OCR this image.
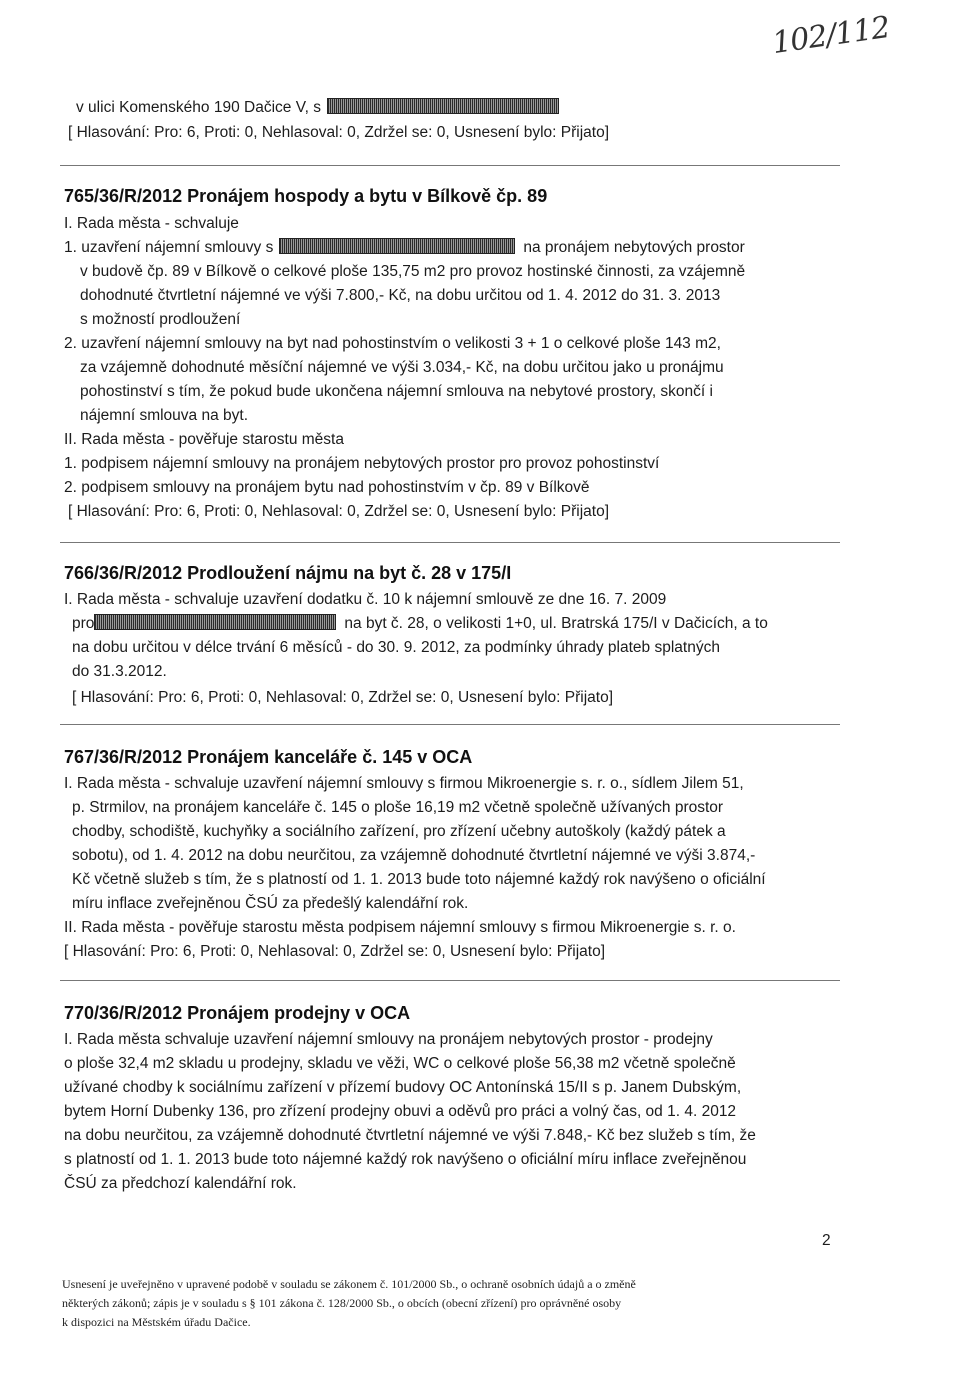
102/112
v ulici Komenského 190 Dačice V, s
[ Hlasování: Pro: 6, Proti: 0, Nehlasoval: 0, Zdržel se: 0, Usnesení bylo: Přijato]
765/36/R/2012 Pronájem hospody a bytu v Bílkově čp. 89
I. Rada města - schvaluje
1. uzavření nájemní smlouvy s	na pronájem nebytových prostor
v budově čp. 89 v Bílkově o celkové ploše 135,75 m2 pro provoz hostinské činnosti, za vzájemně
dohodnuté čtvrtletní nájemné ve výši 7.800,- Kč, na dobu určitou od 1. 4. 2012 do 31. 3. 2013
s možností prodloužení
2. uzavření nájemní smlouvy na byt nad pohostinstvím o velikosti 3 + 1 o celkové ploše 143 m2,
za vzájemně dohodnuté měsíční nájemné ve výši 3.034,- Kč, na dobu určitou jako u pronájmu
pohostinství s tím, že pokud bude ukončena nájemní smlouva na nebytové prostory, skončí i
nájemní smlouva na byt.
II. Rada města - pověřuje starostu města
1. podpisem nájemní smlouvy na pronájem nebytových prostor pro provoz pohostinství
2. podpisem smlouvy na pronájem bytu nad pohostinstvím v čp. 89 v Bílkově
[ Hlasování: Pro: 6, Proti: 0, Nehlasoval: 0, Zdržel se: 0, Usnesení bylo: Přijato]
766/36/R/2012 Prodloužení nájmu na byt č. 28 v 175/I
I. Rada města - schvaluje uzavření dodatku č. 10 k nájemní smlouvě ze dne 16. 7. 2009
pro	na byt č. 28, o velikosti 1+0, ul. Bratrská 175/I v Dačicích, a to
na dobu určitou v délce trvání 6 měsíců - do 30. 9. 2012, za podmínky úhrady plateb splatných
do 31.3.2012.
[ Hlasování: Pro: 6, Proti: 0, Nehlasoval: 0, Zdržel se: 0, Usnesení bylo: Přijato]
767/36/R/2012 Pronájem kanceláře č. 145 v OCA
I. Rada města - schvaluje uzavření nájemní smlouvy s firmou Mikroenergie s. r. o., sídlem Jilem 51,
p. Strmilov, na pronájem kanceláře č. 145 o ploše 16,19 m2 včetně společně užívaných prostor
chodby, schodiště, kuchyňky a sociálního zařízení, pro zřízení učebny autoškoly (každý pátek a
sobotu), od 1. 4. 2012 na dobu neurčitou, za vzájemně dohodnuté čtvrtletní nájemné ve výši 3.874,-
Kč včetně služeb s tím, že s platností od 1. 1. 2013 bude toto nájemné každý rok navýšeno o oficiální
míru inflace zveřejněnou ČSÚ za předešlý kalendářní rok.
II. Rada města - pověřuje starostu města podpisem nájemní smlouvy s firmou Mikroenergie s. r. o.
[ Hlasování: Pro: 6, Proti: 0, Nehlasoval: 0, Zdržel se: 0, Usnesení bylo: Přijato]
770/36/R/2012 Pronájem prodejny v OCA
I. Rada města schvaluje uzavření nájemní smlouvy na pronájem nebytových prostor - prodejny
o ploše 32,4 m2 skladu u prodejny, skladu ve věži, WC o celkové ploše 56,38 m2 včetně společně
užívané chodby k sociálnímu zařízení v přízemí budovy OC Antonínská 15/II s p. Janem Dubským,
bytem Horní Dubenky 136, pro zřízení prodejny obuvi a oděvů pro práci a volný čas, od 1. 4. 2012
na dobu neurčitou, za vzájemně dohodnuté čtvrtletní nájemné ve výši 7.848,- Kč bez služeb s tím, že
s platností od 1. 1. 2013 bude toto nájemné každý rok navýšeno o oficiální míru inflace zveřejněnou
ČSÚ za předchozí kalendářní rok.
2
Usnesení je uveřejněno v upravené podobě v souladu se zákonem č. 101/2000 Sb., o ochraně osobních údajů a o změně
některých zákonů; zápis je v souladu s § 101 zákona č. 128/2000 Sb., o obcích (obecní zřízení) pro oprávněné osoby
k dispozici na Městském úřadu Dačice.
